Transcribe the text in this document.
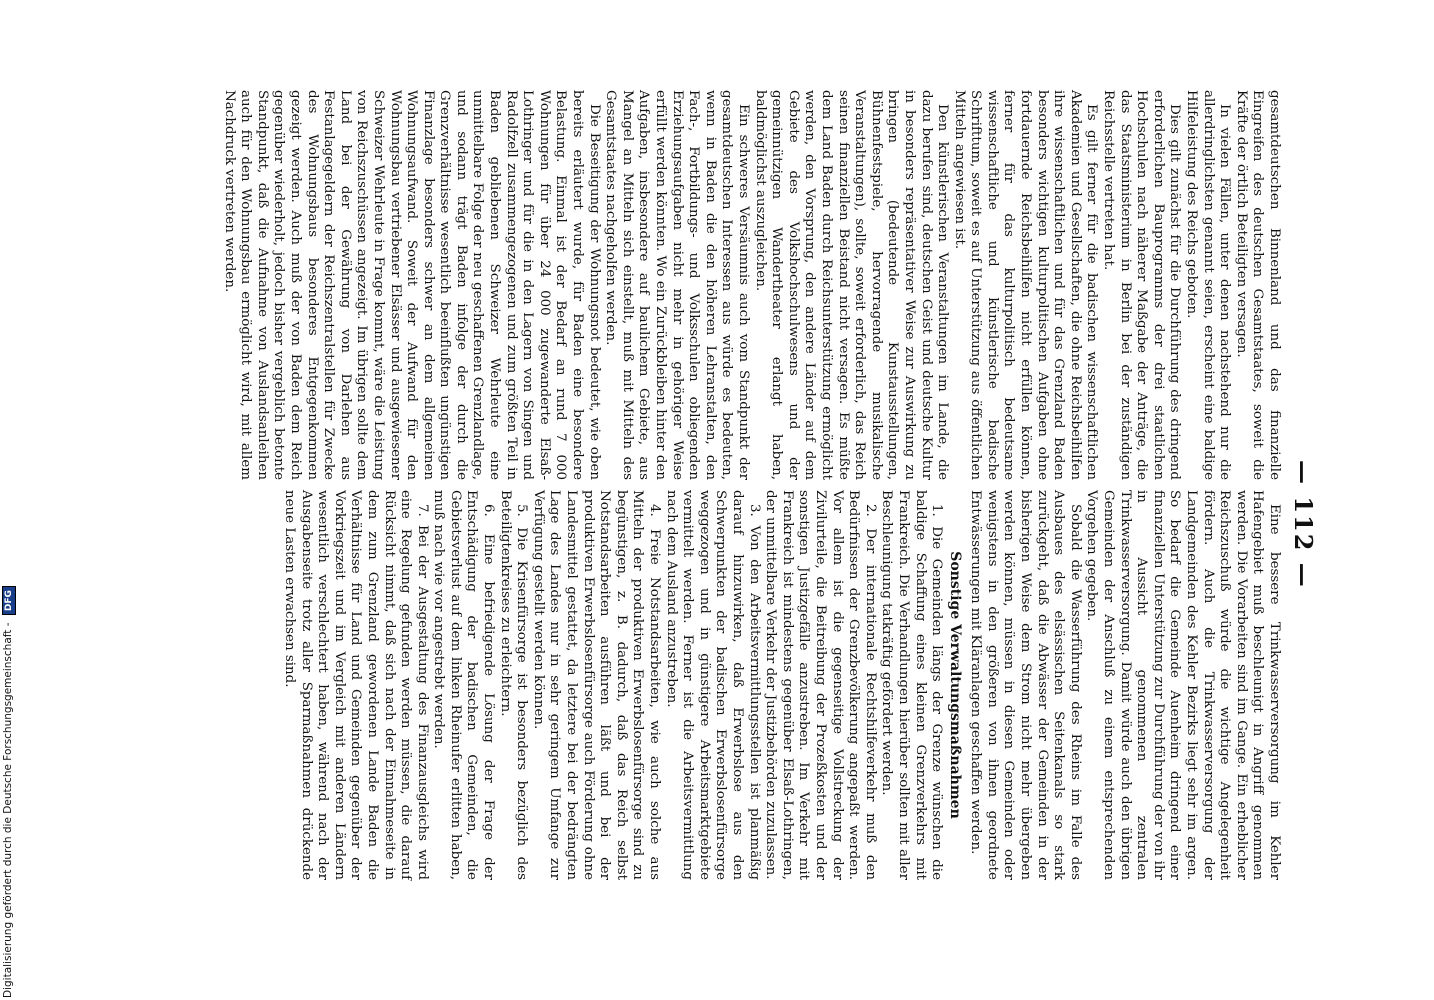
— 112 —

gesamtdeutschen Binnenland und das finanzielle Eingreifen des deutschen Gesamtstaates, soweit die Kräfte der örtlich Beteiligten versagen.

In vielen Fällen, unter denen nachstehend nur die allerdringlichsten genannt seien, erscheint eine baldige Hilfeleistung des Reichs geboten.

Dies gilt zunächst für die Durchführung des dringend erforderlichen Bauprogramms der drei staatlichen Hochschulen nach näherer Maßgabe der Anträge, die das Staatsministerium in Berlin bei der zuständigen Reichsstelle vertreten hat.

Es gilt ferner für die badischen wissenschaftlichen Akademien und Gesellschaften, die ohne Reichsbeihilfen ihre wissenschaftlichen und für das Grenzland Baden besonders wichtigen kulturpolitischen Aufgaben ohne fortdauernde Reichsbeihilfen nicht erfüllen können, ferner für das kulturpolitisch bedeutsame wissenschaftliche und künstlerische badische Schrifttum, soweit es auf Unterstützung aus öffentlichen Mitteln angewiesen ist.

Den künstlerischen Veranstaltungen im Lande, die dazu berufen sind, deutschen Geist und deutsche Kultur in besonders repräsentativer Weise zur Auswirkung zu bringen (bedeutende Kunstausstellungen, Bühnenfestspiele, hervorragende musikalische Veranstaltungen), sollte, soweit erforderlich, das Reich seinen finanziellen Beistand nicht versagen. Es müßte dem Land Baden durch Reichsunterstützung ermöglicht werden, den Vorsprung, den andere Länder auf dem Gebiete des Volkshochschulwesens und der gemeinnützigen Wandertheater erlangt haben, baldmöglichst auszugleichen.

Ein schweres Versäumnis auch vom Standpunkt der gesamtdeutschen Interessen aus würde es bedeuten, wenn in Baden die den höheren Lehranstalten, den Fach-, Fortbildungs- und Volksschulen obliegenden Erziehungsaufgaben nicht mehr in gehöriger Weise erfüllt werden könnten. Wo ein Zurückbleiben hinter den Aufgaben, insbesondere auf baulichem Gebiete, aus Mangel an Mitteln sich einstellt, muß mit Mitteln des Gesamtstaates nachgeholfen werden.

Die Beseitigung der Wohnungsnot bedeutet, wie oben bereits erläutert wurde, für Baden eine besondere Belastung. Einmal ist der Bedarf an rund 7 000 Wohnungen für über 24 000 zugewanderte Elsaß-Lothringer und für die in den Lagern von Singen und Radolfzell zusammengezogenen und zum größten Teil in Baden gebliebenen Schweizer Wehrleute eine unmittelbare Folge der neu geschaffenen Grenzlandlage, und sodann trägt Baden infolge der durch die Grenzverhältnisse wesentlich beeinflußten ungünstigen Finanzlage besonders schwer an dem allgemeinen Wohnungsaufwand. Soweit der Aufwand für den Wohnungsbau vertriebener Elsässer und ausgewiesener Schweizer Wehrleute in Frage kommt, wäre die Leistung von Reichszuschüssen angezeigt. Im übrigen sollte dem Land bei der Gewährung von Darlehen aus Festanlagegeldern der Reichszentralstellen für Zwecke des Wohnungsbaus besonderes Entgegenkommen gezeigt werden. Auch muß der von Baden dem Reich gegenüber wiederholt, jedoch bisher vergeblich betonte Standpunkt, daß die Aufnahme von Auslandsanleihen auch für den Wohnungsbau ermöglicht wird, mit allem Nachdruck vertreten werden.

Eine bessere Trinkwasserversorgung im Kehler Hafengebiet muß beschleunigt in Angriff genommen werden. Die Vorarbeiten sind im Gange. Ein erheblicher Reichszuschuß würde die wichtige Angelegenheit fördern. Auch die Trinkwasserversorgung der Landgemeinden des Kehler Bezirks liegt sehr im argen. So bedarf die Gemeinde Auenheim dringend einer finanziellen Unterstützung zur Durchführung der von ihr in Aussicht genommenen zentralen Trinkwasserversorgung. Damit würde auch den übrigen Gemeinden der Anschluß zu einem entsprechenden Vorgehen gegeben.

Sobald die Wasserführung des Rheins im Falle des Ausbaues des elsässischen Seitenkanals so stark zurückgeht, daß die Abwässer der Gemeinden in der bisherigen Weise dem Strom nicht mehr übergeben werden können, müssen in diesen Gemeinden oder wenigstens in den größeren von ihnen geordnete Entwässerungen mit Kläranlagen geschaffen werden.

Sonstige Verwaltungsmaßnahmen

1. Die Gemeinden längs der Grenze wünschen die baldige Schaffung eines kleinen Grenzverkehrs mit Frankreich. Die Verhandlungen hierüber sollten mit aller Beschleunigung tatkräftig gefördert werden.

2. Der internationale Rechtshilfeverkehr muß den Bedürfnissen der Grenzbevölkerung angepaßt werden. Vor allem ist die gegenseitige Vollstreckung der Zivilurteile, die Beitreibung der Prozeßkosten und der sonstigen Justizgefälle anzustreben. Im Verkehr mit Frankreich ist mindestens gegenüber Elsaß-Lothringen, der unmittelbare Verkehr der Justizbehörden zuzulassen.

3. Von den Arbeitsvermittlungsstellen ist planmäßig darauf hinzuwirken, daß Erwerbslose aus den Schwerpunkten der badischen Erwerbslosenfürsorge weggezogen und in günstigere Arbeitsmarktgebiete vermittelt werden. Ferner ist die Arbeitsvermittlung nach dem Ausland anzustreben.

4. Freie Notstandsarbeiten, wie auch solche aus Mitteln der produktiven Erwerbslosenfürsorge sind zu begünstigen, z. B. dadurch, daß das Reich selbst Notstandsarbeiten ausführen läßt und bei der produktiven Erwerbslosenfürsorge auch Förderung ohne Landesmittel gestattet, da letztere bei der bedrängten Lage des Landes nur in sehr geringem Umfange zur Verfügung gestellt werden können.

5. Die Krisenfürsorge ist besonders bezüglich des Beteiligtenkreises zu erleichtern.

6. Eine befriedigende Lösung der Frage der Entschädigung der badischen Gemeinden, die Gebietsverlust auf dem linken Rheinufer erlitten haben, muß nach wie vor angestrebt werden.

7. Bei der Ausgestaltung des Finanzausgleichs wird eine Regelung gefunden werden müssen, die darauf Rücksicht nimmt, daß sich nach der Einnahmeseite in dem zum Grenzland gewordenen Lande Baden die Verhältnisse für Land und Gemeinden gegenüber der Vorkriegszeit und im Vergleich mit anderen Ländern wesentlich verschlechtert haben, während nach der Ausgabenseite trotz aller Sparmaßnahmen drückende neue Lasten erwachsen sind.

Digitalisierung gefördert durch die Deutsche Forschungsgemeinschaft - DFG
